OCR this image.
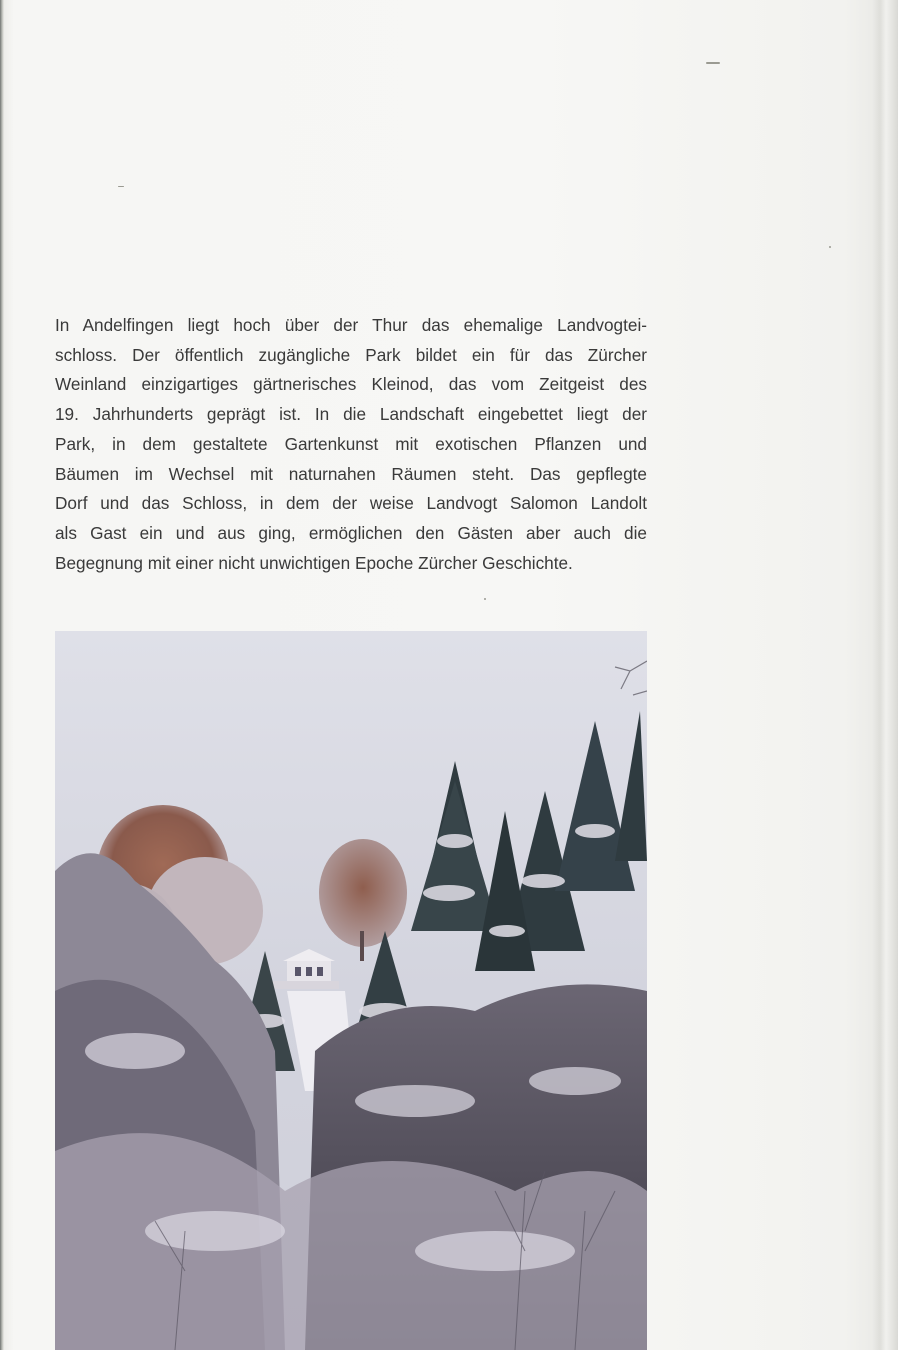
In Andelfingen liegt hoch über der Thur das ehemalige Landvogtei-
schloss. Der öffentlich zugängliche Park bildet ein für das Zürcher
Weinland einzigartiges gärtnerisches Kleinod, das vom Zeitgeist des
19. Jahrhunderts geprägt ist. In die Landschaft eingebettet liegt der
Park, in dem gestaltete Gartenkunst mit exotischen Pflanzen und
Bäumen im Wechsel mit naturnahen Räumen steht. Das gepflegte
Dorf und das Schloss, in dem der weise Landvogt Salomon Landolt
als Gast ein und aus ging, ermöglichen den Gästen aber auch die
Begegnung mit einer nicht unwichtigen Epoche Zürcher Geschichte.
